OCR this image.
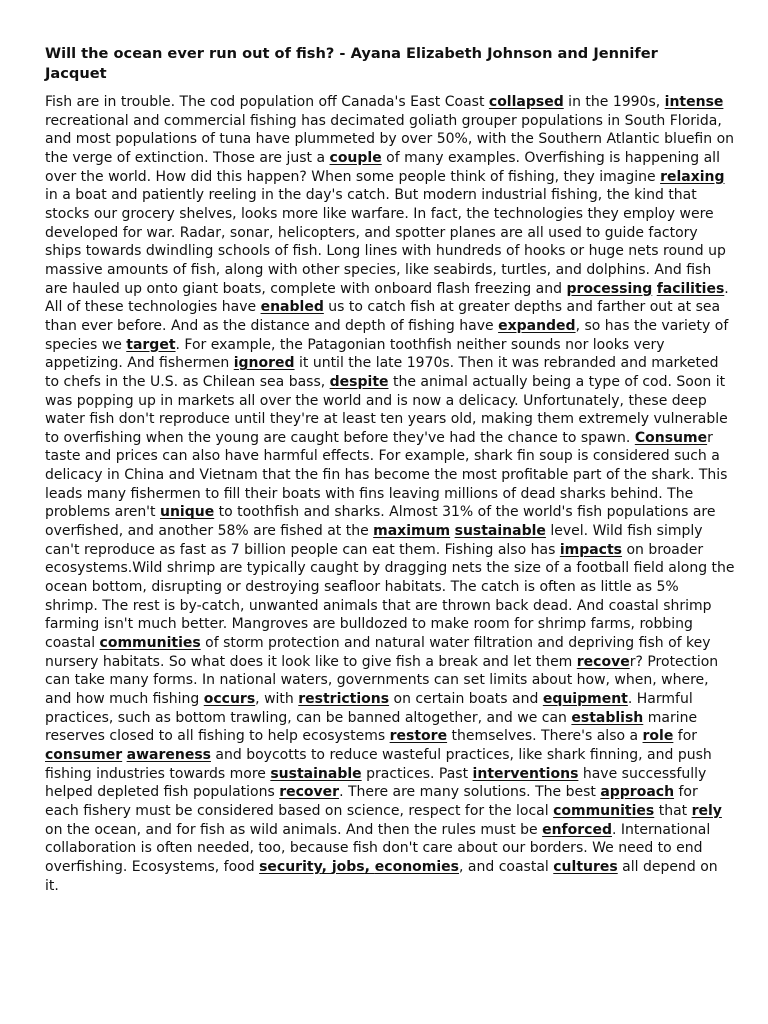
Will the ocean ever run out of fish? - Ayana Elizabeth Johnson and Jennifer Jacquet

Fish are in trouble. The cod population off Canada's East Coast collapsed in the 1990s, intense recreational and commercial fishing has decimated goliath grouper populations in South Florida, and most populations of tuna have plummeted by over 50%, with the Southern Atlantic bluefin on the verge of extinction. Those are just a couple of many examples. Overfishing is happening all over the world. How did this happen? When some people think of fishing, they imagine relaxing in a boat and patiently reeling in the day's catch. But modern industrial fishing, the kind that stocks our grocery shelves, looks more like warfare. In fact, the technologies they employ were developed for war. Radar, sonar, helicopters, and spotter planes are all used to guide factory ships towards dwindling schools of fish. Long lines with hundreds of hooks or huge nets round up massive amounts of fish, along with other species, like seabirds, turtles, and dolphins. And fish are hauled up onto giant boats, complete with onboard flash freezing and processing facilities. All of these technologies have enabled us to catch fish at greater depths and farther out at sea than ever before. And as the distance and depth of fishing have expanded, so has the variety of species we target. For example, the Patagonian toothfish neither sounds nor looks very appetizing. And fishermen ignored it until the late 1970s. Then it was rebranded and marketed to chefs in the U.S. as Chilean sea bass, despite the animal actually being a type of cod. Soon it was popping up in markets all over the world and is now a delicacy. Unfortunately, these deep water fish don't reproduce until they're at least ten years old, making them extremely vulnerable to overfishing when the young are caught before they've had the chance to spawn. Consumer taste and prices can also have harmful effects. For example, shark fin soup is considered such a delicacy in China and Vietnam that the fin has become the most profitable part of the shark. This leads many fishermen to fill their boats with fins leaving millions of dead sharks behind. The problems aren't unique to toothfish and sharks. Almost 31% of the world's fish populations are overfished, and another 58% are fished at the maximum sustainable level. Wild fish simply can't reproduce as fast as 7 billion people can eat them. Fishing also has impacts on broader ecosystems.Wild shrimp are typically caught by dragging nets the size of a football field along the ocean bottom, disrupting or destroying seafloor habitats. The catch is often as little as 5% shrimp. The rest is by-catch, unwanted animals that are thrown back dead. And coastal shrimp farming isn't much better. Mangroves are bulldozed to make room for shrimp farms, robbing coastal communities of storm protection and natural water filtration and depriving fish of key nursery habitats. So what does it look like to give fish a break and let them recover? Protection can take many forms. In national waters, governments can set limits about how, when, where, and how much fishing occurs, with restrictions on certain boats and equipment. Harmful practices, such as bottom trawling, can be banned altogether, and we can establish marine reserves closed to all fishing to help ecosystems restore themselves. There's also a role for consumer awareness and boycotts to reduce wasteful practices, like shark finning, and push fishing industries towards more sustainable practices. Past interventions have successfully helped depleted fish populations recover. There are many solutions. The best approach for each fishery must be considered based on science, respect for the local communities that rely on the ocean, and for fish as wild animals. And then the rules must be enforced. International collaboration is often needed, too, because fish don't care about our borders. We need to end overfishing. Ecosystems, food security, jobs, economies, and coastal cultures all depend on it.
